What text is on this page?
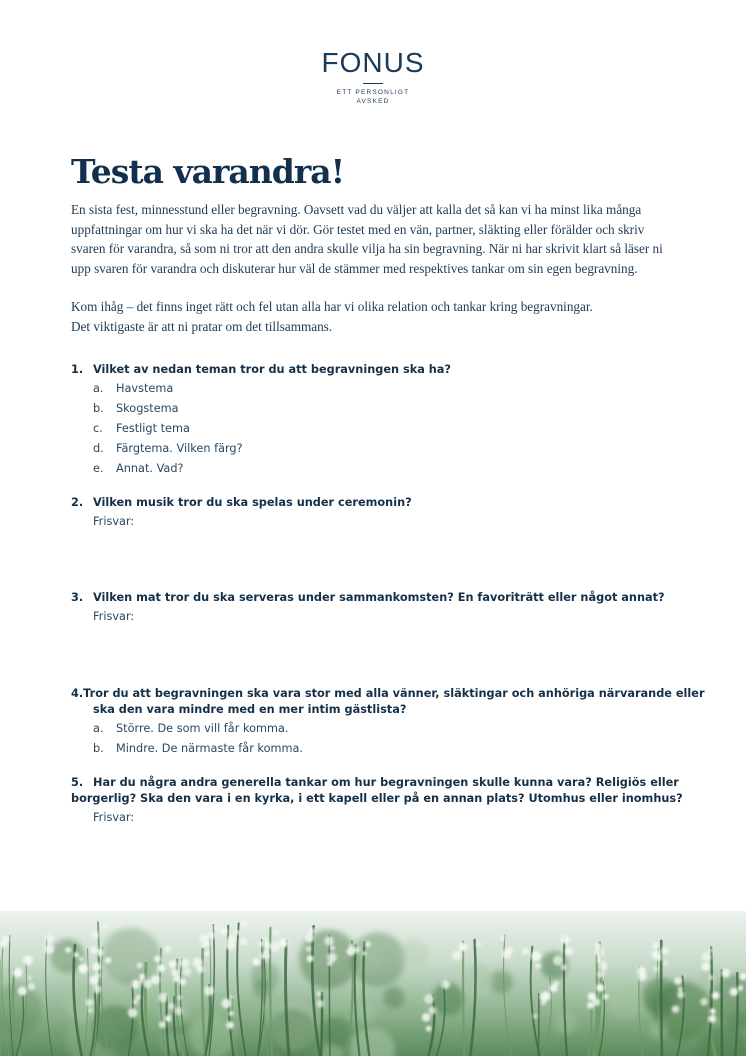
FONUS
ETT PERSONLIGT
AVSKED
Testa varandra!

En sista fest, minnesstund eller begravning. Oavsett vad du väljer att kalla det så kan vi ha minst lika många

uppfattningar om hur vi ska ha det när vi dör. Gör testet med en vän, partner, släkting eller förälder och skriv

svaren för varandra, så som ni tror att den andra skulle vilja ha sin begravning. När ni har skrivit klart så läser ni

upp svaren för varandra och diskuterar hur väl de stämmer med respektives tankar om sin egen begravning.

Kom ihåg – det finns inget rätt och fel utan alla har vi olika relation och tankar kring begravningar.

Det viktigaste är att ni pratar om det tillsammans.

1. Vilket av nedan teman tror du att begravningen ska ha?
a.	Havstema
b.	Skogstema
c.	Festligt tema
d.	Färgtema. Vilken färg?
e.	Annat. Vad?
2. Vilken musik tror du ska spelas under ceremonin?
Frisvar:
3. Vilken mat tror du ska serveras under sammankomsten? En favoriträtt eller något annat?
Frisvar:
4. Tror du att begravningen ska vara stor med alla vänner, släktingar och anhöriga närvarande eller
ska den vara mindre med en mer intim gästlista?
a.	Större. De som vill får komma.
b.	Mindre. De närmaste får komma.
5. Har du några andra generella tankar om hur begravningen skulle kunna vara? Religiös eller
borgerlig? Ska den vara i en kyrka, i ett kapell eller på en annan plats? Utomhus eller inomhus?
Frisvar:
